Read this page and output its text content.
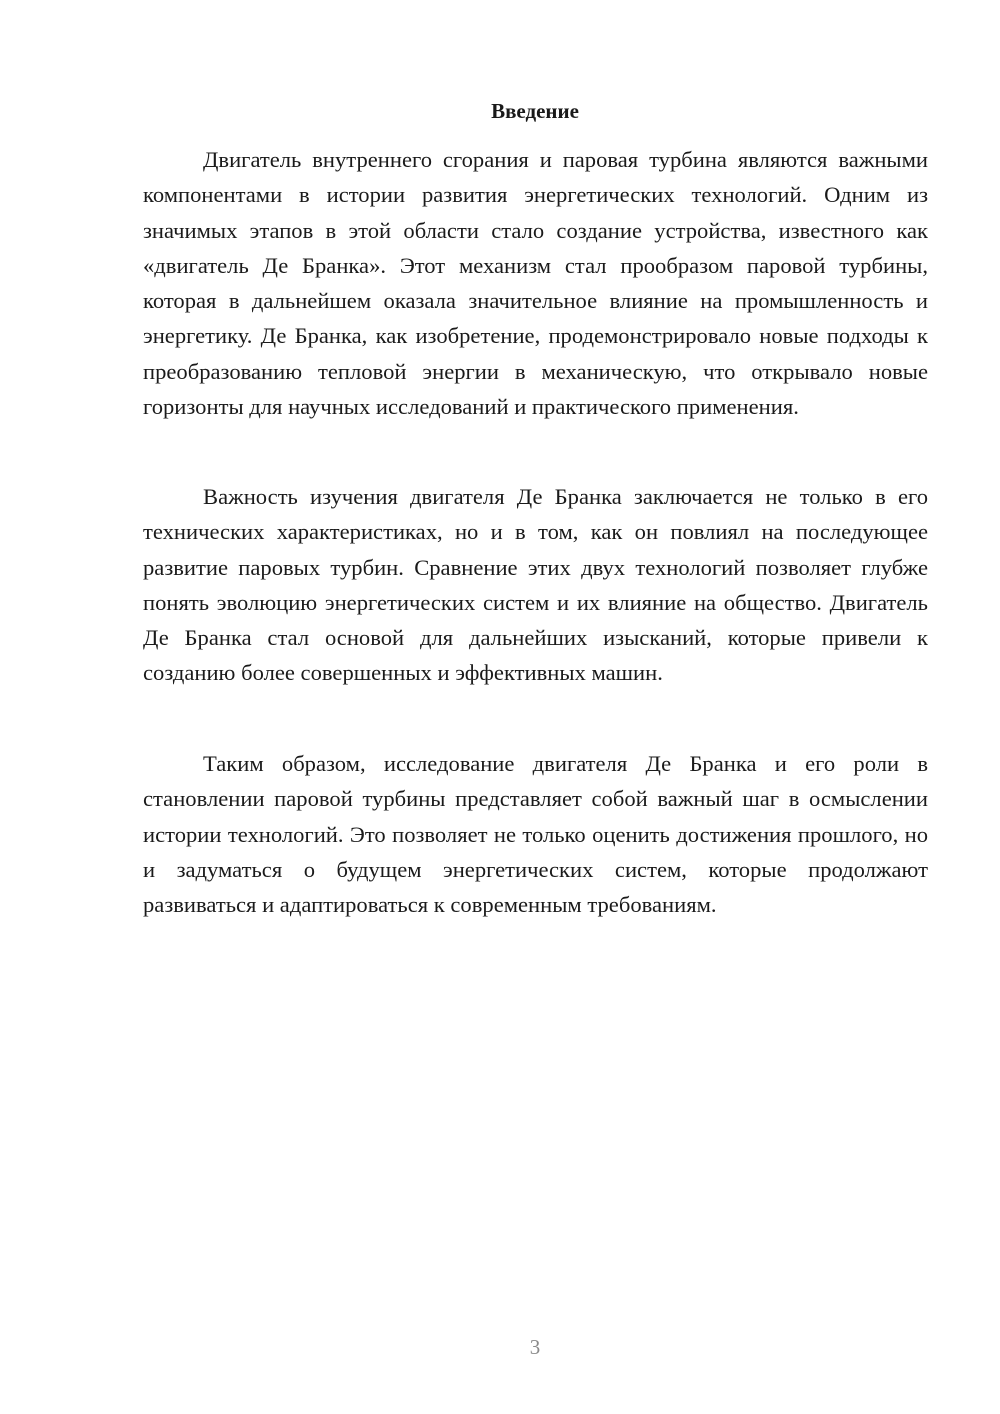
Введение

Двигатель внутреннего сгорания и паровая турбина являются важными компонентами в истории развития энергетических технологий. Одним из значимых этапов в этой области стало создание устройства, известного как «двигатель Де Бранка». Этот механизм стал прообразом паровой турбины, которая в дальнейшем оказала значительное влияние на промышленность и энергетику. Де Бранка, как изобретение, продемонстрировало новые подходы к преобразованию тепловой энергии в механическую, что открывало новые горизонты для научных исследований и практического применения.

Важность изучения двигателя Де Бранка заключается не только в его технических характеристиках, но и в том, как он повлиял на последующее развитие паровых турбин. Сравнение этих двух технологий позволяет глубже понять эволюцию энергетических систем и их влияние на общество. Двигатель Де Бранка стал основой для дальнейших изысканий, которые привели к созданию более совершенных и эффективных машин.

Таким образом, исследование двигателя Де Бранка и его роли в становлении паровой турбины представляет собой важный шаг в осмыслении истории технологий. Это позволяет не только оценить достижения прошлого, но и задуматься о будущем энергетических систем, которые продолжают развиваться и адаптироваться к современным требованиям.

3
